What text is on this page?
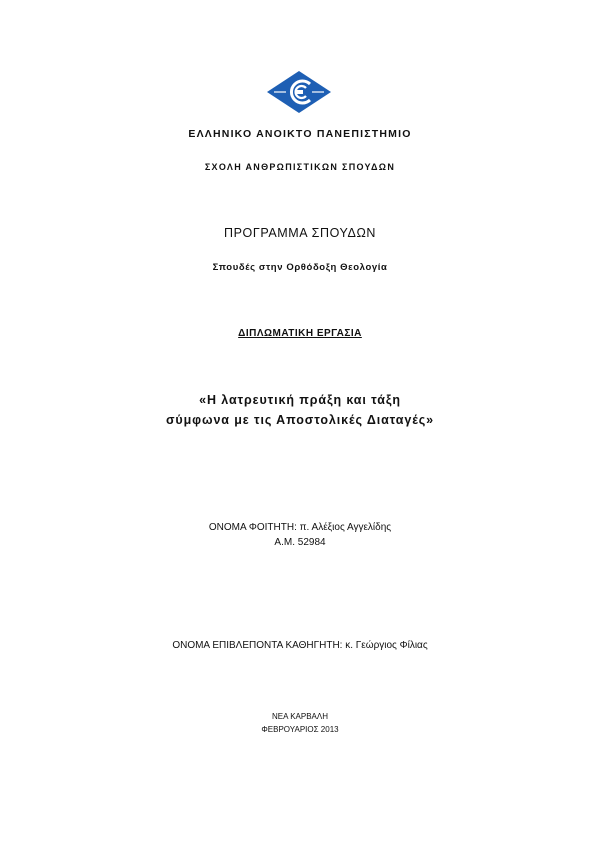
ΕΛΛΗΝΙΚΟ ΑΝΟΙΚΤΟ ΠΑΝΕΠΙΣΤΗΜΙΟ
ΣΧΟΛΗ ΑΝΘΡΩΠΙΣΤΙΚΩΝ ΣΠΟΥΔΩΝ
ΠΡΟΓΡΑΜΜΑ ΣΠΟΥΔΩΝ
Σπουδές στην Ορθόδοξη Θεολογία
ΔΙΠΛΩΜΑΤΙΚΗ ΕΡΓΑΣΙΑ
«Η λατρευτική πράξη και τάξη
σύμφωνα με τις Αποστολικές Διαταγές»
ΟΝΟΜΑ ΦΟΙΤΗΤΗ: π. Αλέξιος Αγγελίδης
Α.Μ. 52984
ΟΝΟΜΑ ΕΠΙΒΛΕΠΟΝΤΑ ΚΑΘΗΓΗΤΗ: κ. Γεώργιος Φίλιας
ΝΕΑ ΚΑΡΒΑΛΗ
ΦΕΒΡΟΥΑΡΙΟΣ 2013
